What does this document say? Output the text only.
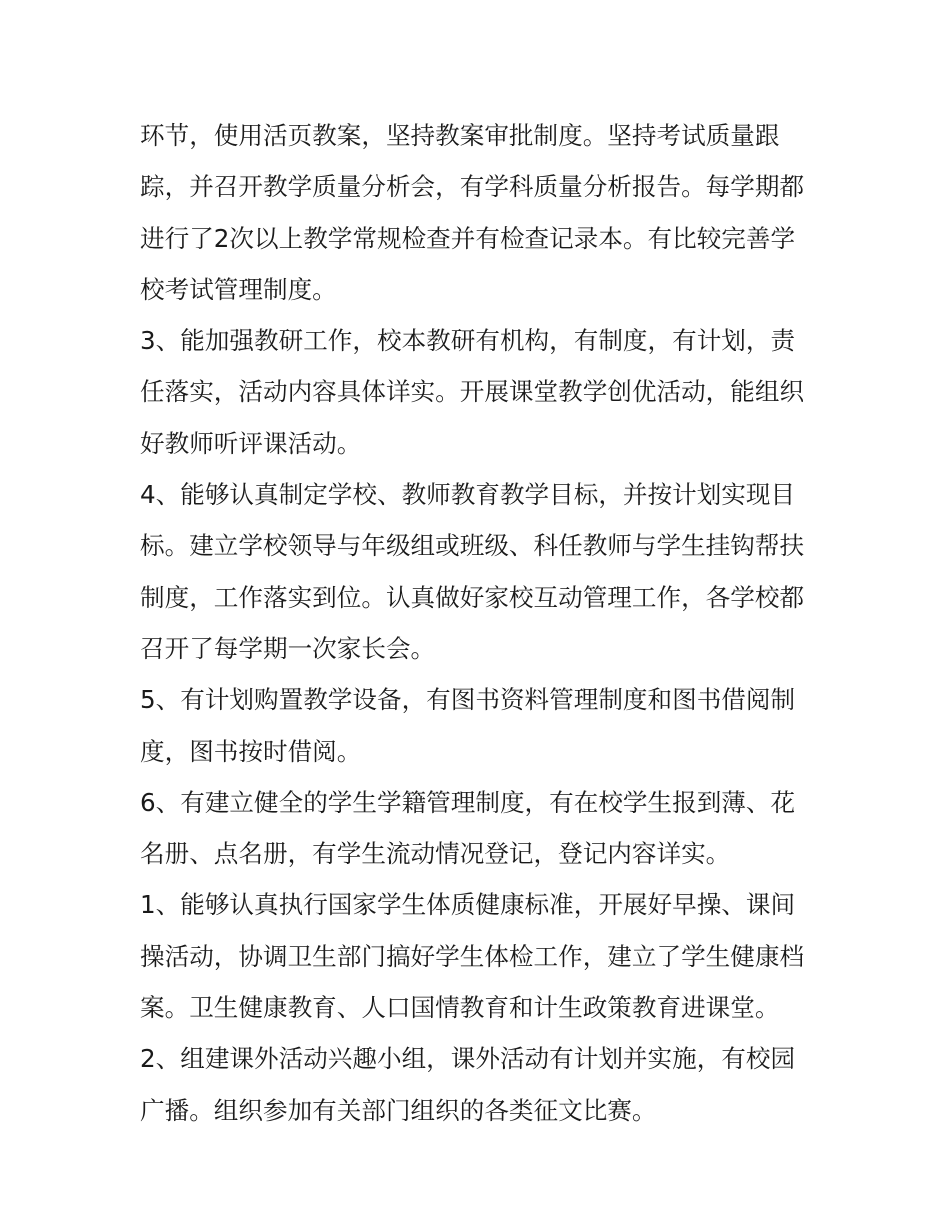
环节，使用活页教案，坚持教案审批制度。坚持考试质量跟
踪，并召开教学质量分析会，有学科质量分析报告。每学期都
进行了2次以上教学常规检查并有检查记录本。有比较完善学
校考试管理制度。
3、能加强教研工作，校本教研有机构，有制度，有计划，责
任落实，活动内容具体详实。开展课堂教学创优活动，能组织
好教师听评课活动。
4、能够认真制定学校、教师教育教学目标，并按计划实现目
标。建立学校领导与年级组或班级、科任教师与学生挂钩帮扶
制度，工作落实到位。认真做好家校互动管理工作，各学校都
召开了每学期一次家长会。
5、有计划购置教学设备，有图书资料管理制度和图书借阅制
度，图书按时借阅。
6、有建立健全的学生学籍管理制度，有在校学生报到薄、花
名册、点名册，有学生流动情况登记，登记内容详实。
1、能够认真执行国家学生体质健康标准，开展好早操、课间
操活动，协调卫生部门搞好学生体检工作，建立了学生健康档
案。卫生健康教育、人口国情教育和计生政策教育进课堂。
2、组建课外活动兴趣小组，课外活动有计划并实施，有校园
广播。组织参加有关部门组织的各类征文比赛。
